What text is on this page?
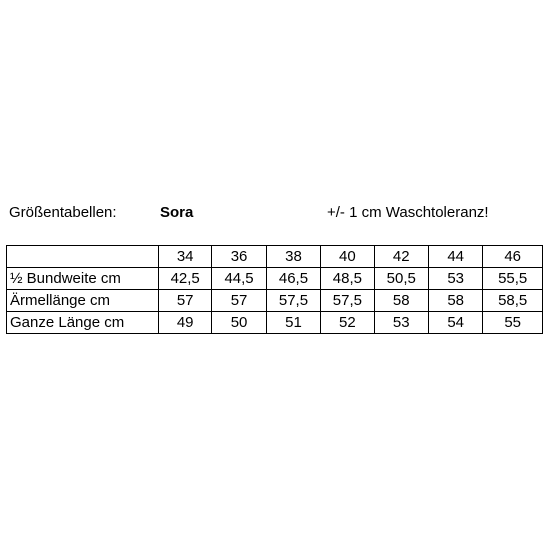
Größentabellen:	Sora	+/- 1 cm Waschtoleranz!
	34	36	38	40	42	44	46
½ Bundweite cm	42,5	44,5	46,5	48,5	50,5	53	55,5
Ärmellänge cm	57	57	57,5	57,5	58	58	58,5
Ganze Länge cm	49	50	51	52	53	54	55
